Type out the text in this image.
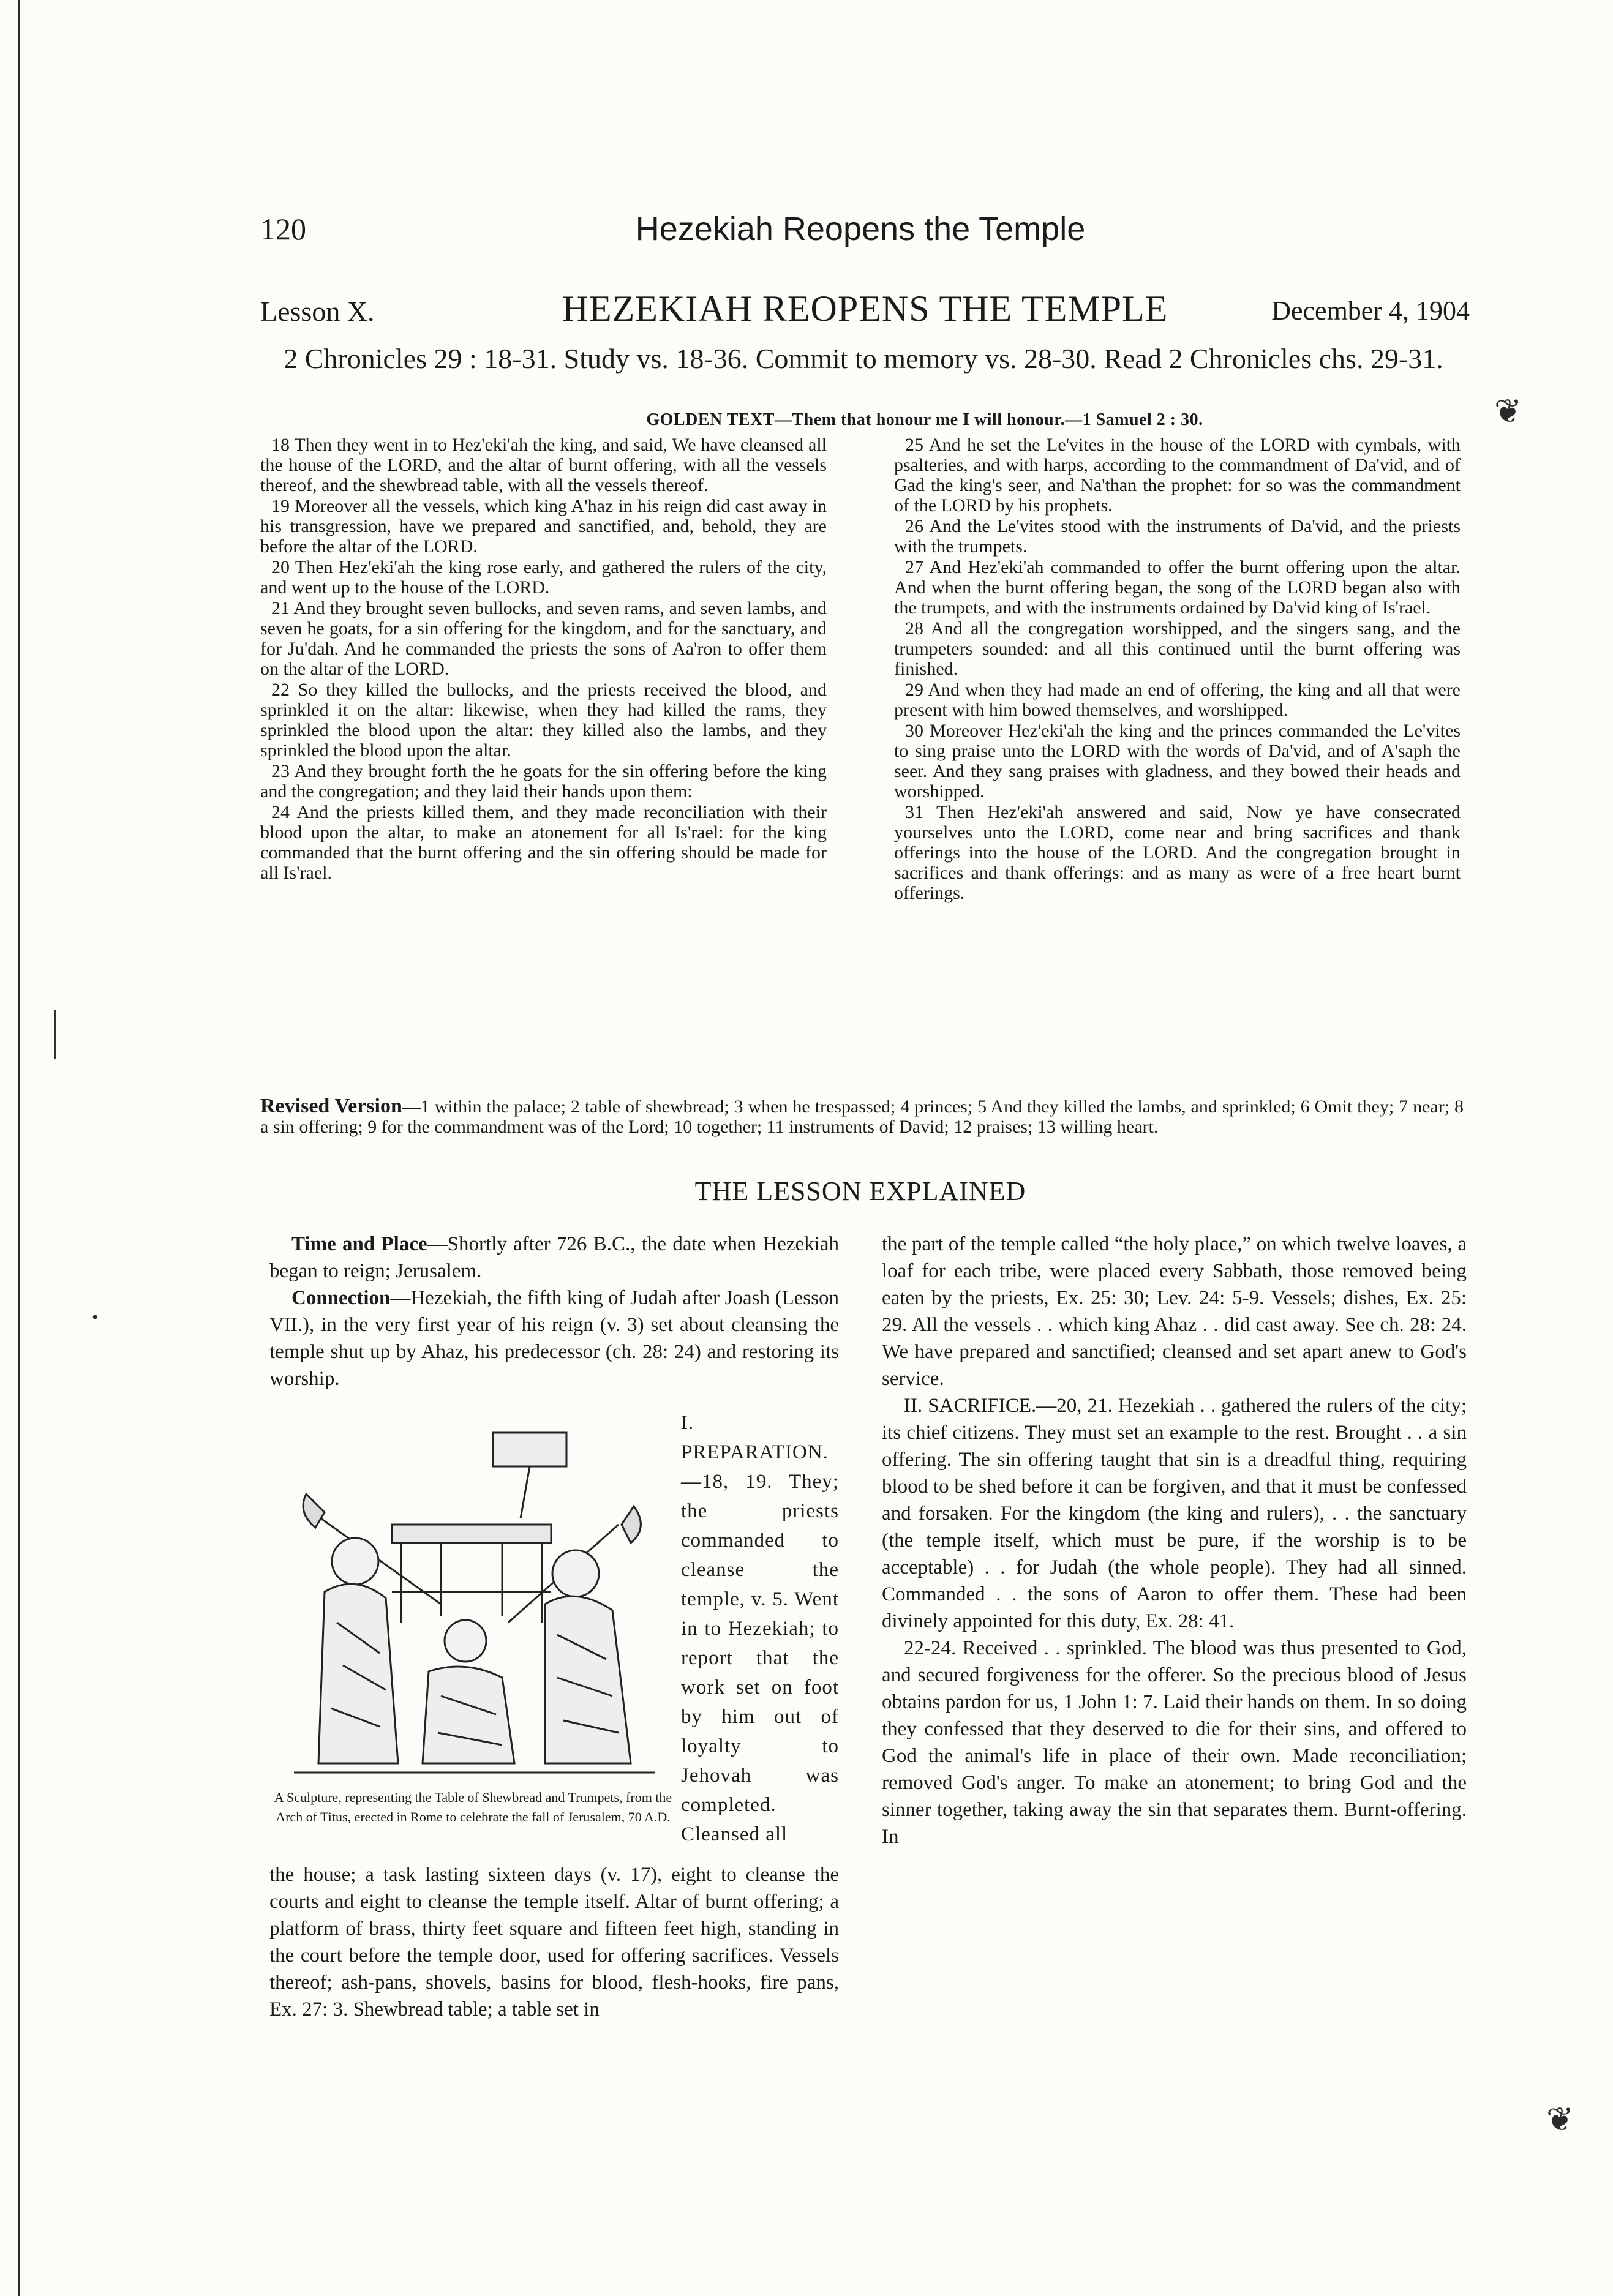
120	Hezekiah Reopens the Temple
Lesson X.	HEZEKIAH REOPENS THE TEMPLE	December 4, 1904
2 Chronicles 29 : 18-31. Study vs. 18-36. Commit to memory vs. 28-30. Read 2 Chronicles chs. 29-31.
GOLDEN TEXT—Them that honour me I will honour.—1 Samuel 2 : 30.

18 Then they went in to Hez'eki'ah the king, and said, We have cleansed all the house of the LORD, and the altar of burnt offering, with all the vessels thereof, and the shewbread table, with all the vessels thereof.

19 Moreover all the vessels, which king A'haz in his reign did cast away in his transgression, have we prepared and sanctified, and, behold, they are before the altar of the LORD.

20 Then Hez'eki'ah the king rose early, and gathered the rulers of the city, and went up to the house of the LORD.

21 And they brought seven bullocks, and seven rams, and seven lambs, and seven he goats, for a sin offering for the kingdom, and for the sanctuary, and for Ju'dah. And he commanded the priests the sons of Aa'ron to offer them on the altar of the LORD.

22 So they killed the bullocks, and the priests received the blood, and sprinkled it on the altar: likewise, when they had killed the rams, they sprinkled the blood upon the altar: they killed also the lambs, and they sprinkled the blood upon the altar.

23 And they brought forth the he goats for the sin offering before the king and the congregation; and they laid their hands upon them:

24 And the priests killed them, and they made reconciliation with their blood upon the altar, to make an atonement for all Is'rael: for the king commanded that the burnt offering and the sin offering should be made for all Is'rael.

25 And he set the Le'vites in the house of the LORD with cymbals, with psalteries, and with harps, according to the commandment of Da'vid, and of Gad the king's seer, and Na'than the prophet: for so was the commandment of the LORD by his prophets.

26 And the Le'vites stood with the instruments of Da'vid, and the priests with the trumpets.

27 And Hez'eki'ah commanded to offer the burnt offering upon the altar. And when the burnt offering began, the song of the LORD began also with the trumpets, and with the instruments ordained by Da'vid king of Is'rael.

28 And all the congregation worshipped, and the singers sang, and the trumpeters sounded: and all this continued until the burnt offering was finished.

29 And when they had made an end of offering, the king and all that were present with him bowed themselves, and worshipped.

30 Moreover Hez'eki'ah the king and the princes commanded the Le'vites to sing praise unto the LORD with the words of Da'vid, and of A'saph the seer. And they sang praises with gladness, and they bowed their heads and worshipped.

31 Then Hez'eki'ah answered and said, Now ye have consecrated yourselves unto the LORD, come near and bring sacrifices and thank offerings into the house of the LORD. And the congregation brought in sacrifices and thank offerings: and as many as were of a free heart burnt offerings.

❦
Revised Version—1 within the palace; 2 table of shewbread; 3 when he trespassed; 4 princes; 5 And they killed the lambs, and sprinkled; 6 Omit they; 7 near; 8 a sin offering; 9 for the commandment was of the Lord; 10 together; 11 instruments of David; 12 praises; 13 willing heart.
THE LESSON EXPLAINED

Time and Place—Shortly after 726 B.C., the date when Hezekiah began to reign; Jerusalem.

Connection—Hezekiah, the fifth king of Judah after Joash (Lesson VII.), in the very first year of his reign (v. 3) set about cleansing the temple shut up by Ahaz, his predecessor (ch. 28: 24) and restoring its worship.

A Sculpture, representing the Table of Shewbread and Trumpets, from the Arch of Titus, erected in Rome to celebrate the fall of Jerusalem, 70 A.D.
I. PREPARATION.—18, 19. They; the priests commanded to cleanse the temple, v. 5. Went in to Hezekiah; to report that the work set on foot by him out of loyalty to Jehovah was completed. Cleansed all

the house; a task lasting sixteen days (v. 17), eight to cleanse the courts and eight to cleanse the temple itself. Altar of burnt offering; a platform of brass, thirty feet square and fifteen feet high, standing in the court before the temple door, used for offering sacrifices. Vessels thereof; ash-pans, shovels, basins for blood, flesh-hooks, fire pans, Ex. 27: 3. Shewbread table; a table set in

•

the part of the temple called “the holy place,” on which twelve loaves, a loaf for each tribe, were placed every Sabbath, those removed being eaten by the priests, Ex. 25: 30; Lev. 24: 5-9. Vessels; dishes, Ex. 25: 29. All the vessels . . which king Ahaz . . did cast away. See ch. 28: 24. We have prepared and sanctified; cleansed and set apart anew to God's service.

II. SACRIFICE.—20, 21. Hezekiah . . gathered the rulers of the city; its chief citizens. They must set an example to the rest. Brought . . a sin offering. The sin offering taught that sin is a dreadful thing, requiring blood to be shed before it can be forgiven, and that it must be confessed and forsaken. For the kingdom (the king and rulers), . . the sanctuary (the temple itself, which must be pure, if the worship is to be acceptable) . . for Judah (the whole people). They had all sinned. Commanded . . the sons of Aaron to offer them. These had been divinely appointed for this duty, Ex. 28: 41.

22-24. Received . . sprinkled. The blood was thus presented to God, and secured forgiveness for the offerer. So the precious blood of Jesus obtains pardon for us, 1 John 1: 7. Laid their hands on them. In so doing they confessed that they deserved to die for their sins, and offered to God the animal's life in place of their own. Made reconciliation; removed God's anger. To make an atonement; to bring God and the sinner together, taking away the sin that separates them. Burnt-offering. In

❦
